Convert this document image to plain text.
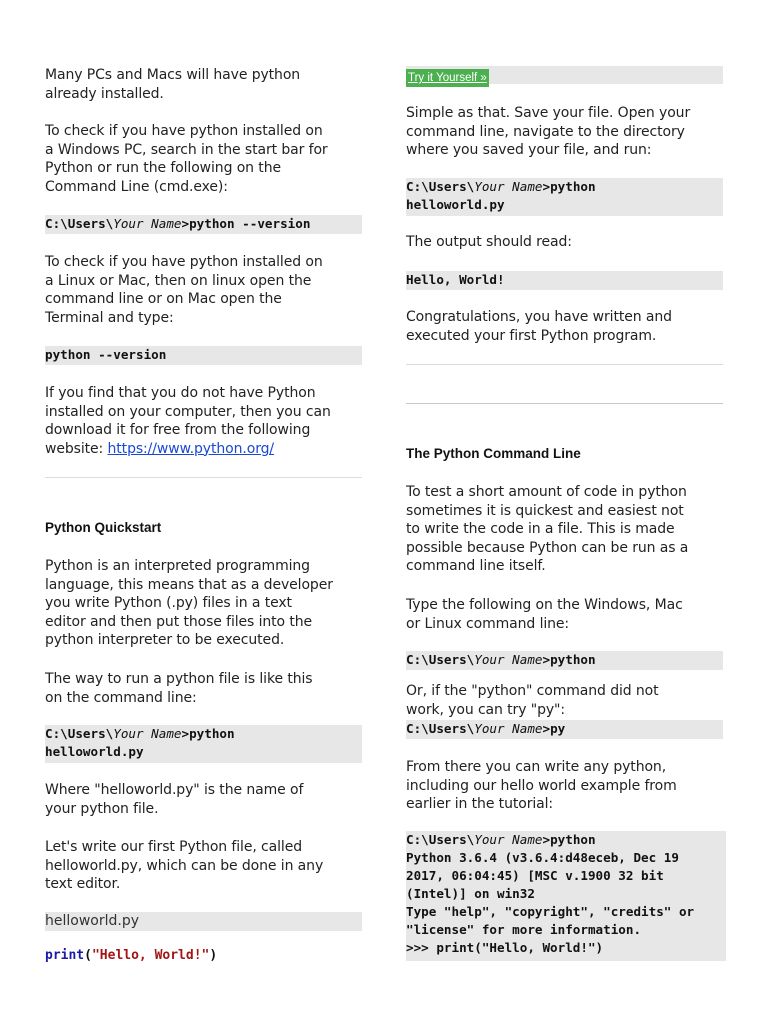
Many PCs and Macs will have python
already installed.
To check if you have python installed on
a Windows PC, search in the start bar for
Python or run the following on the
Command Line (cmd.exe):
C:\Users\Your Name>python --version
To check if you have python installed on
a Linux or Mac, then on linux open the
command line or on Mac open the
Terminal and type:
python --version
If you find that you do not have Python
installed on your computer, then you can
download it for free from the following
website: https://www.python.org/
Python Quickstart
Python is an interpreted programming
language, this means that as a developer
you write Python (.py) files in a text
editor and then put those files into the
python interpreter to be executed.
The way to run a python file is like this
on the command line:
C:\Users\Your Name>python
helloworld.py
Where "helloworld.py" is the name of
your python file.
Let's write our first Python file, called
helloworld.py, which can be done in any
text editor.
helloworld.py
print("Hello, World!")
Try it Yourself »
Simple as that. Save your file. Open your
command line, navigate to the directory
where you saved your file, and run:
C:\Users\Your Name>python
helloworld.py
The output should read:
Hello, World!
Congratulations, you have written and
executed your first Python program.
The Python Command Line
To test a short amount of code in python
sometimes it is quickest and easiest not
to write the code in a file. This is made
possible because Python can be run as a
command line itself.
Type the following on the Windows, Mac
or Linux command line:
C:\Users\Your Name>python
Or, if the "python" command did not
work, you can try "py":
C:\Users\Your Name>py
From there you can write any python,
including our hello world example from
earlier in the tutorial:
C:\Users\Your Name>python
Python 3.6.4 (v3.6.4:d48eceb, Dec 19
2017, 06:04:45) [MSC v.1900 32 bit
(Intel)] on win32
Type "help", "copyright", "credits" or
"license" for more information.
>>> print("Hello, World!")
